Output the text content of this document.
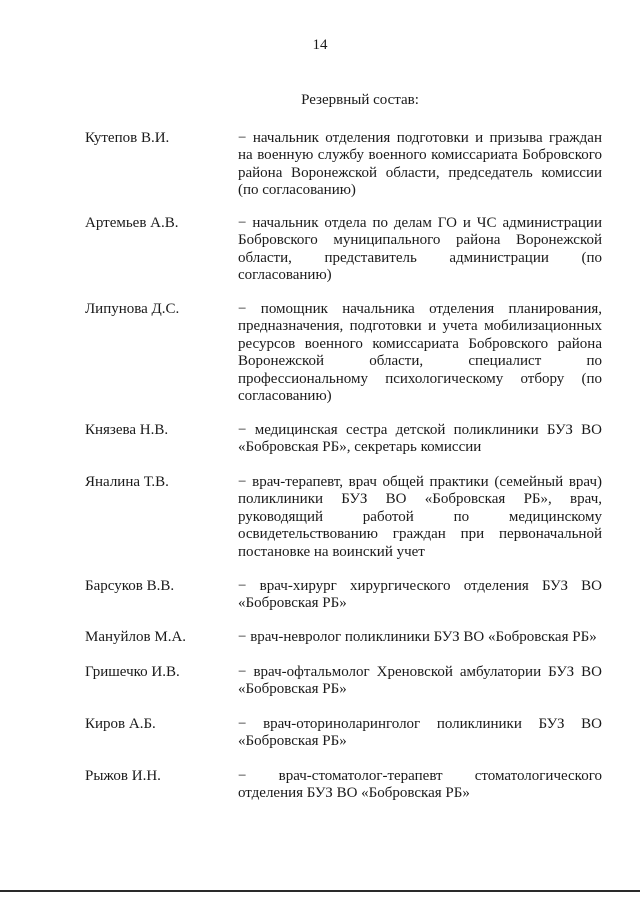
14
Резервный состав:
Кутепов В.И.	− начальник отделения подготовки и призыва граждан на военную службу военного комиссариата Бобровского района Воронежской области, председатель комиссии (по согласованию)
Артемьев А.В.	− начальник отдела по делам ГО и ЧС администрации Бобровского муниципального района Воронежской области, представитель администрации (по согласованию)
Липунова Д.С.	− помощник начальника отделения планирования, предназначения, подготовки и учета мобилизационных ресурсов военного комиссариата Бобровского района Воронежской области, специалист по профессиональному психологическому отбору (по согласованию)
Князева Н.В.	− медицинская сестра детской поликлиники БУЗ ВО «Бобровская РБ», секретарь комиссии
Яналина Т.В.	− врач-терапевт, врач общей практики (семейный врач) поликлиники БУЗ ВО «Бобровская РБ», врач, руководящий работой по медицинскому освидетельствованию граждан при первоначальной постановке на воинский учет
Барсуков В.В.	− врач-хирург хирургического отделения БУЗ ВО «Бобровская РБ»
Мануйлов М.А.	− врач-невролог поликлиники БУЗ ВО «Бобровская РБ»
Гришечко И.В.	− врач-офтальмолог Хреновской амбулатории БУЗ ВО «Бобровская РБ»
Киров А.Б.	− врач-оториноларинголог поликлиники БУЗ ВО «Бобровская РБ»
Рыжов И.Н.	− врач-стоматолог-терапевт стоматологического отделения БУЗ ВО «Бобровская РБ»
